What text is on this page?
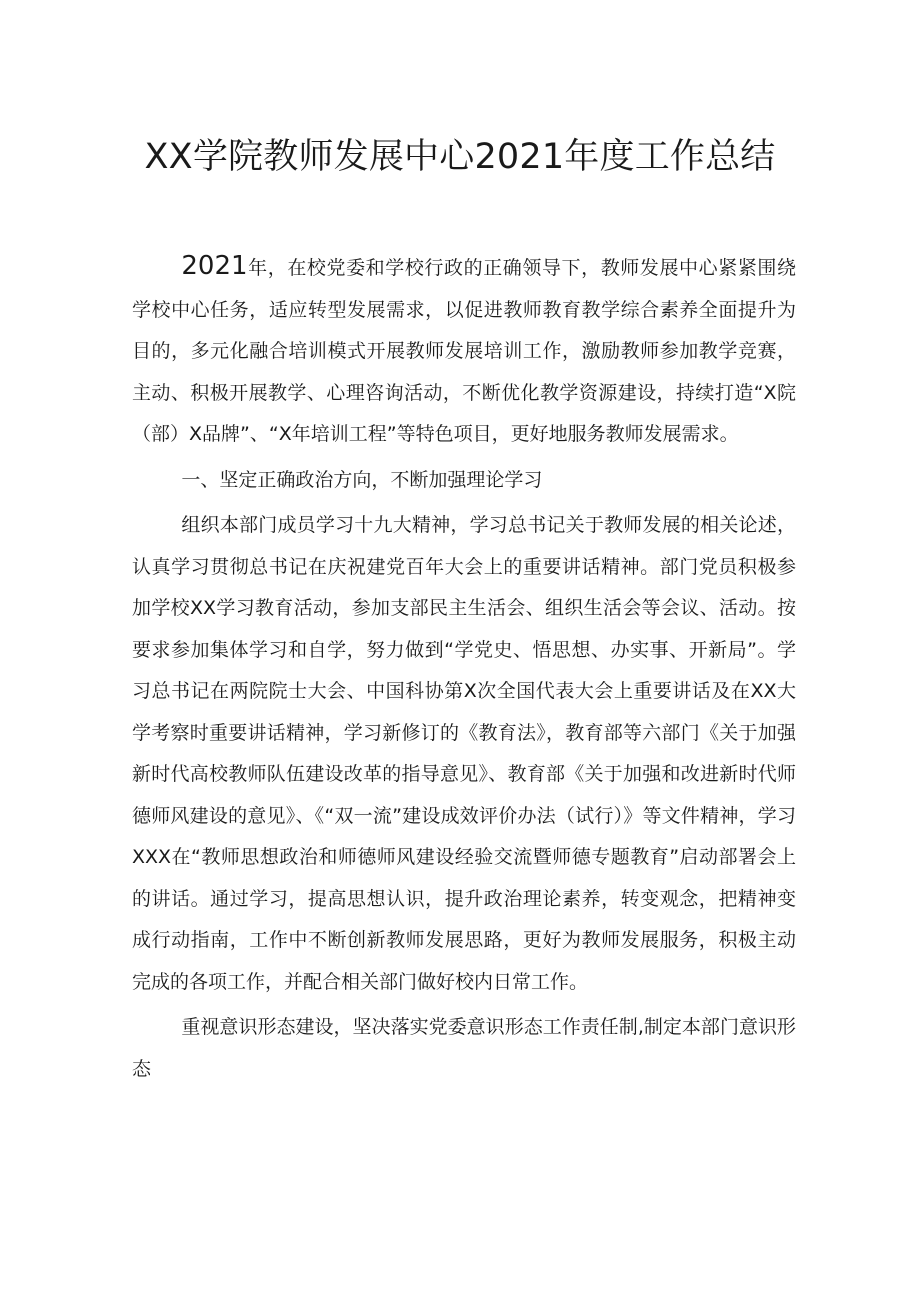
XX学院教师发展中心2021年度工作总结

2021年，在校党委和学校行政的正确领导下，教师发展中心紧紧围绕学校中心任务，适应转型发展需求，以促进教师教育教学综合素养全面提升为目的，多元化融合培训模式开展教师发展培训工作，激励教师参加教学竞赛，主动、积极开展教学、心理咨询活动，不断优化教学资源建设，持续打造“X院（部）X品牌”、“X年培训工程”等特色项目，更好地服务教师发展需求。

一、坚定正确政治方向，不断加强理论学习

组织本部门成员学习十九大精神，学习总书记关于教师发展的相关论述，认真学习贯彻总书记在庆祝建党百年大会上的重要讲话精神。部门党员积极参加学校XX学习教育活动，参加支部民主生活会、组织生活会等会议、活动。按要求参加集体学习和自学，努力做到“学党史、悟思想、办实事、开新局”。学习总书记在两院院士大会、中国科协第X次全国代表大会上重要讲话及在XX大学考察时重要讲话精神，学习新修订的《教育法》，教育部等六部门《关于加强新时代高校教师队伍建设改革的指导意见》、教育部《关于加强和改进新时代师德师风建设的意见》、《“双一流”建设成效评价办法（试行）》等文件精神，学习XXX在“教师思想政治和师德师风建设经验交流暨师德专题教育”启动部署会上的讲话。通过学习，提高思想认识，提升政治理论素养，转变观念，把精神变成行动指南，工作中不断创新教师发展思路，更好为教师发展服务，积极主动完成的各项工作，并配合相关部门做好校内日常工作。

重视意识形态建设，坚决落实党委意识形态工作责任制,制定本部门意识形态
